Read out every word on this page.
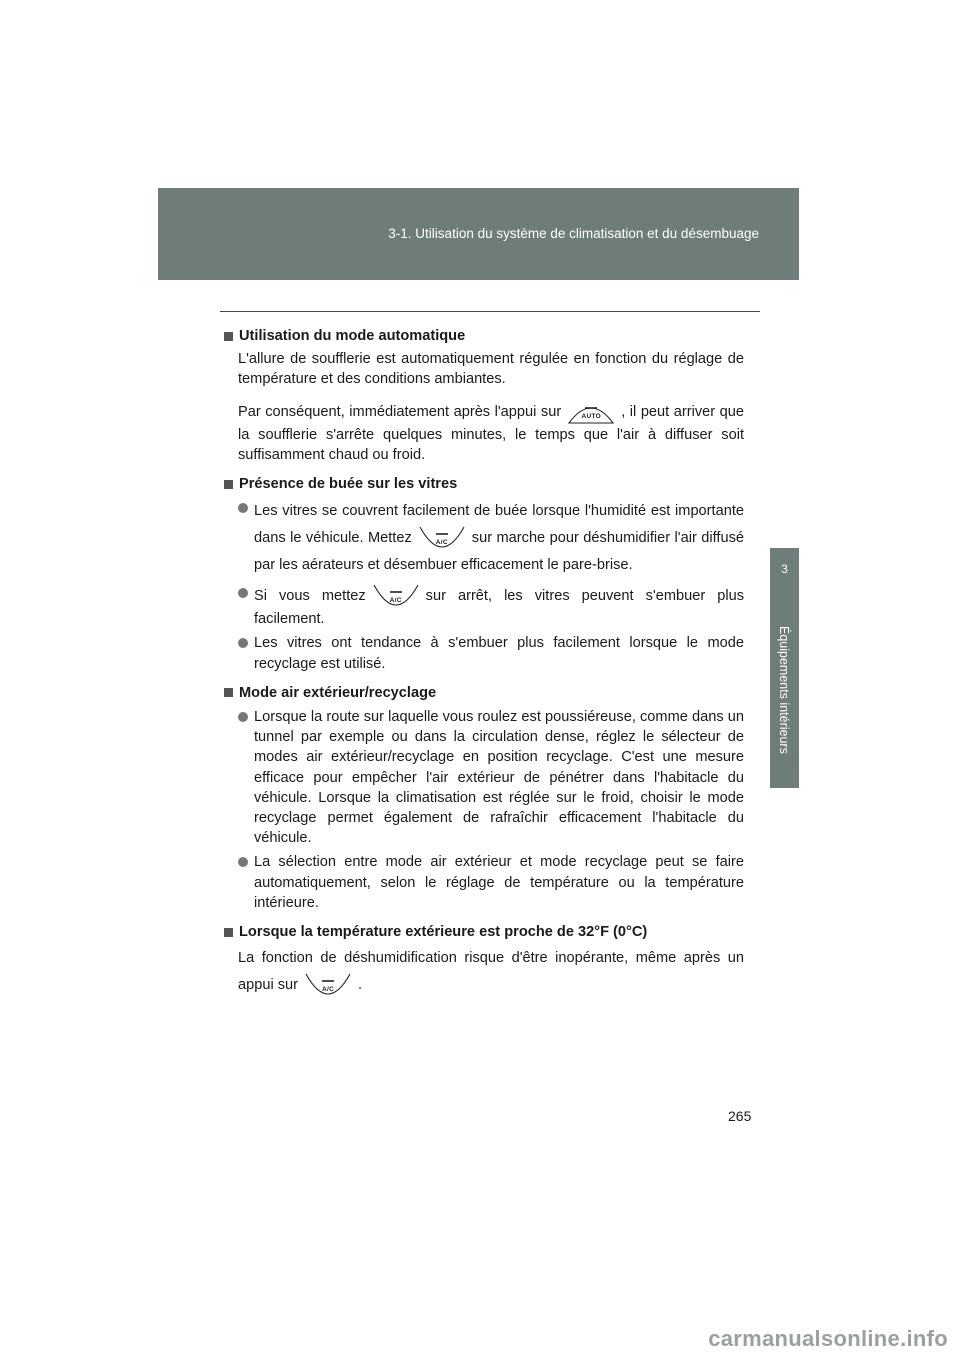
3-1. Utilisation du système de climatisation et du désembuage
3
Équipements intérieurs
Utilisation du mode automatique
L'allure de soufflerie est automatiquement régulée en fonction du réglage de température et des conditions ambiantes.
Par conséquent, immédiatement après l'appui sur	AUTO	, il peut arriver que la soufflerie s'arrête quelques minutes, le temps que l'air à diffuser soit suffisamment chaud ou froid.
Présence de buée sur les vitres
Les vitres se couvrent facilement de buée lorsque l'humidité est importante dans le véhicule. Mettez	A/C	sur marche pour déshumidifier l'air diffusé par les aérateurs et désembuer efficacement le pare-brise.
Si vous mettez	A/C	sur arrêt, les vitres peuvent s'embuer plus facilement.
Les vitres ont tendance à s'embuer plus facilement lorsque le mode recyclage est utilisé.
Mode air extérieur/recyclage
Lorsque la route sur laquelle vous roulez est poussiéreuse, comme dans un tunnel par exemple ou dans la circulation dense, réglez le sélecteur de modes air extérieur/recyclage en position recyclage. C'est une mesure efficace pour empêcher l'air extérieur de pénétrer dans l'habitacle du véhicule. Lorsque la climatisation est réglée sur le froid, choisir le mode recyclage permet également de rafraîchir efficacement l'habitacle du véhicule.
La sélection entre mode air extérieur et mode recyclage peut se faire automatiquement, selon le réglage de température ou la température intérieure.
Lorsque la température extérieure est proche de 32°F (0°C)
La fonction de déshumidification risque d'être inopérante, même après un appui sur	A/C	.
265
carmanualsonline.info
